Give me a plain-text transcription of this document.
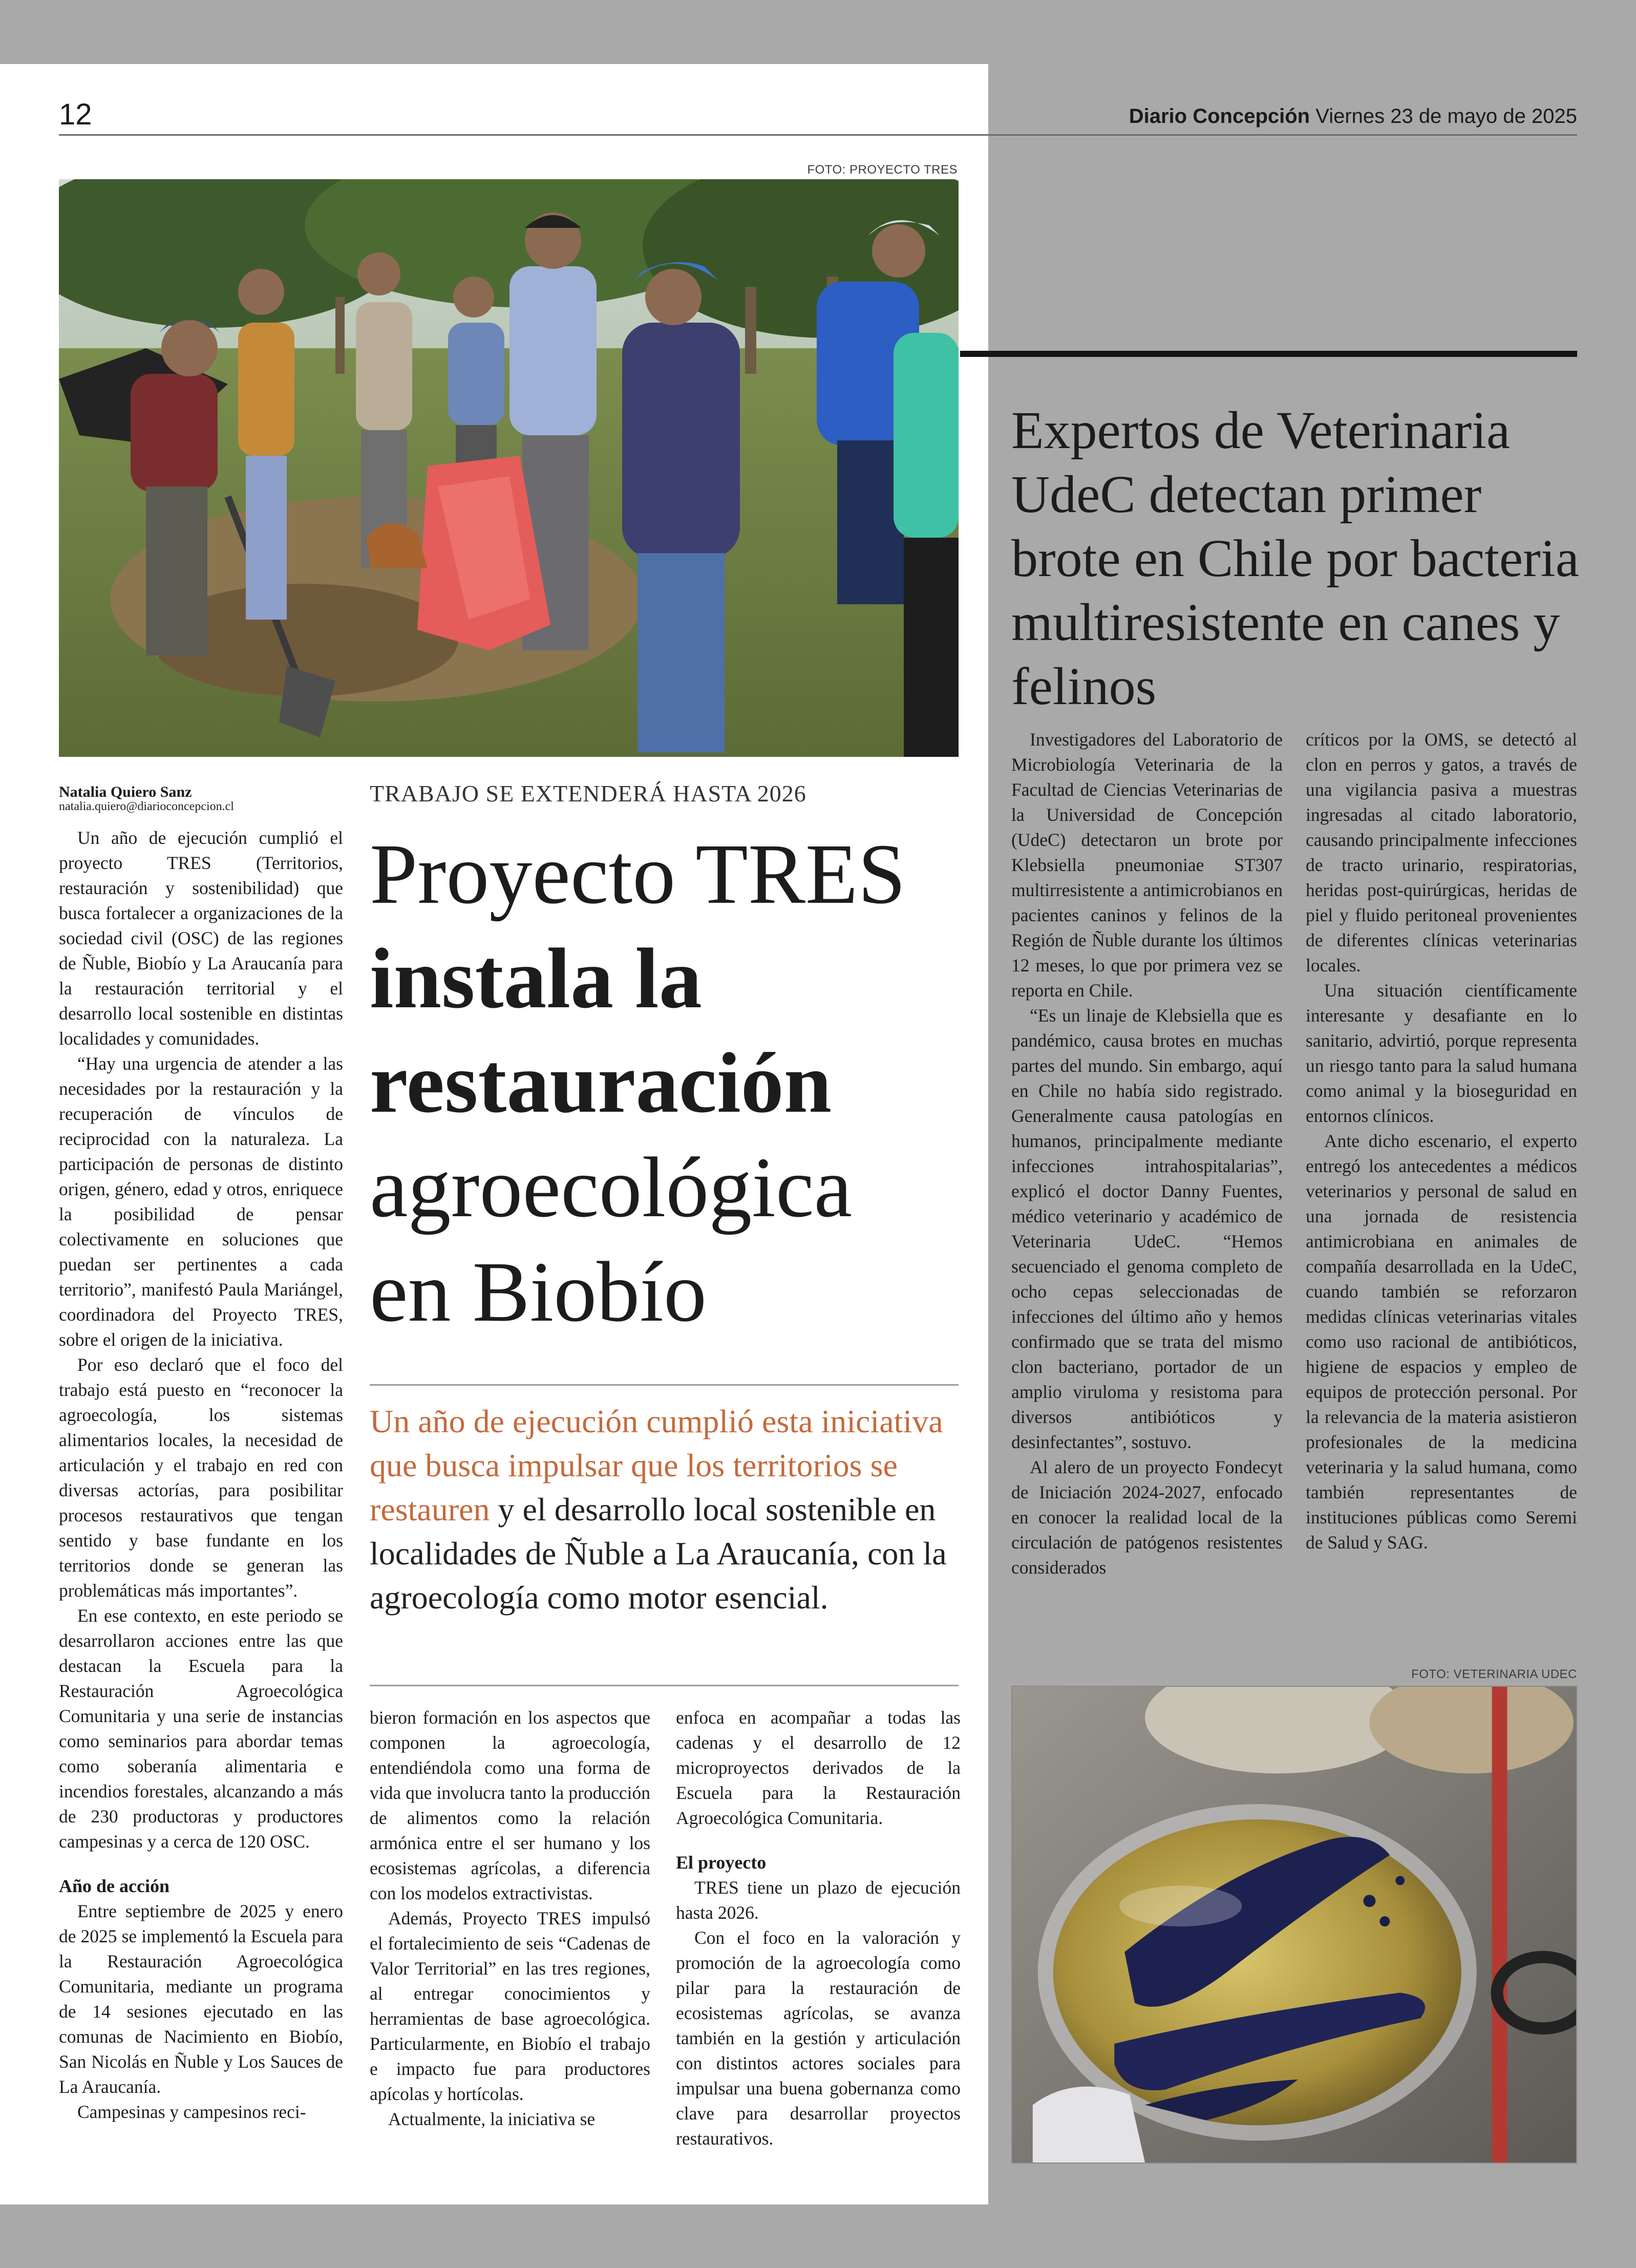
12	Diario Concepción Viernes 23 de mayo de 2025
FOTO: PROYECTO TRES
Natalia Quiero Sanz
natalia.quiero@diarioconcepcion.cl	TRABAJO SE EXTENDERÁ HASTA 2026
Proyecto TRES
instala la
restauración
agroecológica
en Biobío
Un año de ejecución cumplió esta iniciativa que busca impulsar que los territorios se restauren y el desarrollo local sostenible en localidades de Ñuble a La Araucanía, con la agroecología como motor esencial.

Un año de ejecución cumplió el proyecto TRES (Territorios, restauración y sostenibilidad) que busca fortalecer a organizaciones de la sociedad civil (OSC) de las regiones de Ñuble, Biobío y La Araucanía para la restauración territorial y el desarrollo local sostenible en distintas localidades y comunidades.

“Hay una urgencia de atender a las necesidades por la restauración y la recuperación de vínculos de reciprocidad con la naturaleza. La participación de personas de distinto origen, género, edad y otros, enriquece la posibilidad de pensar colectivamente en soluciones que puedan ser pertinentes a cada territorio”, manifestó Paula Mariángel, coordinadora del Proyecto TRES, sobre el origen de la iniciativa.

Por eso declaró que el foco del trabajo está puesto en “reconocer la agroecología, los sistemas alimentarios locales, la necesidad de articulación y el trabajo en red con diversas actorías, para posibilitar procesos restaurativos que tengan sentido y base fundante en los territorios donde se generan las problemáticas más importantes”.

En ese contexto, en este periodo se desarrollaron acciones entre las que destacan la Escuela para la Restauración Agroecológica Comunitaria y una serie de instancias como seminarios para abordar temas como soberanía alimentaria e incendios forestales, alcanzando a más de 230 productoras y productores campesinas y a cerca de 120 OSC.

Año de acción

Entre septiembre de 2025 y enero de 2025 se implementó la Escuela para la Restauración Agroecológica Comunitaria, mediante un programa de 14 sesiones ejecutado en las comunas de Nacimiento en Biobío, San Nicolás en Ñuble y Los Sauces de La Araucanía.

Campesinas y campesinos reci-

bieron formación en los aspectos que componen la agroecología, entendiéndola como una forma de vida que involucra tanto la producción de alimentos como la relación armónica entre el ser humano y los ecosistemas agrícolas, a diferencia con los modelos extractivistas.

Además, Proyecto TRES impulsó el fortalecimiento de seis “Cadenas de Valor Territorial” en las tres regiones, al entregar conocimientos y herramientas de base agroecológica. Particularmente, en Biobío el trabajo e impacto fue para productores apícolas y hortícolas.

Actualmente, la iniciativa se

enfoca en acompañar a todas las cadenas y el desarrollo de 12 microproyectos derivados de la Escuela para la Restauración Agroecológica Comunitaria.

El proyecto

TRES tiene un plazo de ejecución hasta 2026.

Con el foco en la valoración y promoción de la agroecología como pilar para la restauración de ecosistemas agrícolas, se avanza también en la gestión y articulación con distintos actores sociales para impulsar una buena gobernanza como clave para desarrollar proyectos restaurativos.

Expertos de Veterinaria UdeC detectan primer brote en Chile por bacteria multiresistente en canes y felinos

Investigadores del Laboratorio de Microbiología Veterinaria de la Facultad de Ciencias Veterinarias de la Universidad de Concepción (UdeC) detectaron un brote por Klebsiella pneumoniae ST307 multirresistente a antimicrobianos en pacientes caninos y felinos de la Región de Ñuble durante los últimos 12 meses, lo que por primera vez se reporta en Chile.

“Es un linaje de Klebsiella que es pandémico, causa brotes en muchas partes del mundo. Sin embargo, aquí en Chile no había sido registrado. Generalmente causa patologías en humanos, principalmente mediante infecciones intrahospitalarias”, explicó el doctor Danny Fuentes, médico veterinario y académico de Veterinaria UdeC. “Hemos secuenciado el genoma completo de ocho cepas seleccionadas de infecciones del último año y hemos confirmado que se trata del mismo clon bacteriano, portador de un amplio viruloma y resistoma para diversos antibióticos y desinfectantes”, sostuvo.

Al alero de un proyecto Fondecyt de Iniciación 2024-2027, enfocado en conocer la realidad local de la circulación de patógenos resistentes considerados

críticos por la OMS, se detectó al clon en perros y gatos, a través de una vigilancia pasiva a muestras ingresadas al citado laboratorio, causando principalmente infecciones de tracto urinario, respiratorias, heridas post-quirúrgicas, heridas de piel y fluido peritoneal provenientes de diferentes clínicas veterinarias locales.

Una situación científicamente interesante y desafiante en lo sanitario, advirtió, porque representa un riesgo tanto para la salud humana como animal y la bioseguridad en entornos clínicos.

Ante dicho escenario, el experto entregó los antecedentes a médicos veterinarios y personal de salud en una jornada de resistencia antimicrobiana en animales de compañía desarrollada en la UdeC, cuando también se reforzaron medidas clínicas veterinarias vitales como uso racional de antibióticos, higiene de espacios y empleo de equipos de protección personal. Por la relevancia de la materia asistieron profesionales de la medicina veterinaria y la salud humana, como también representantes de instituciones públicas como Seremi de Salud y SAG.

FOTO: VETERINARIA UDEC
